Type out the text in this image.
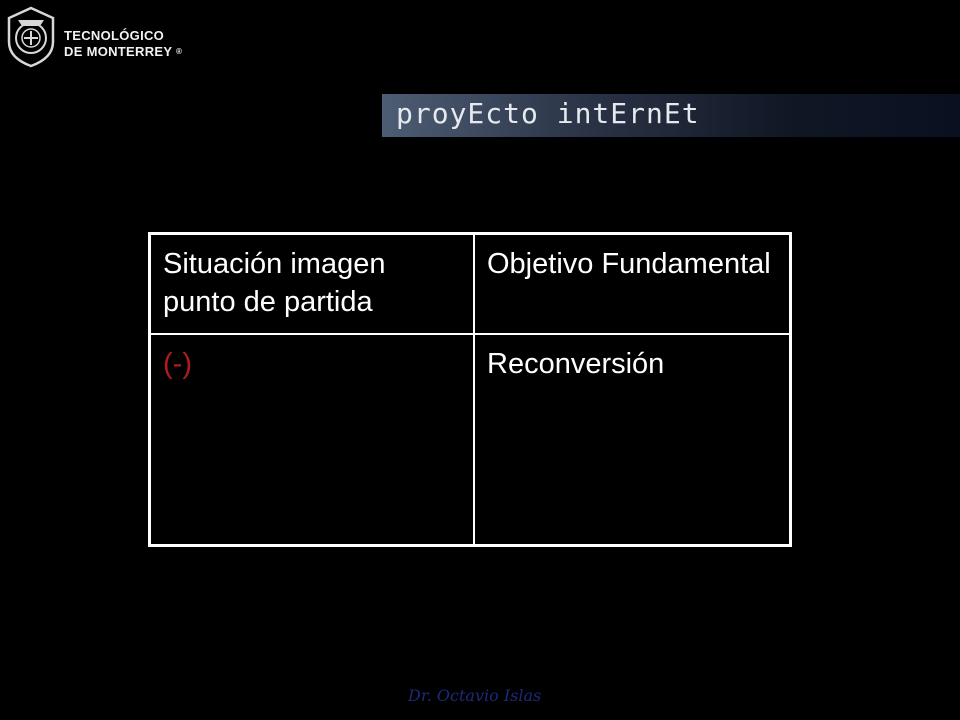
TECNOLÓGICO
DE MONTERREY ®
proyEcto intErnEt
Situación imagen punto de partida	Objetivo Fundamental
(-)	Reconversión
Dr. Octavio Islas
